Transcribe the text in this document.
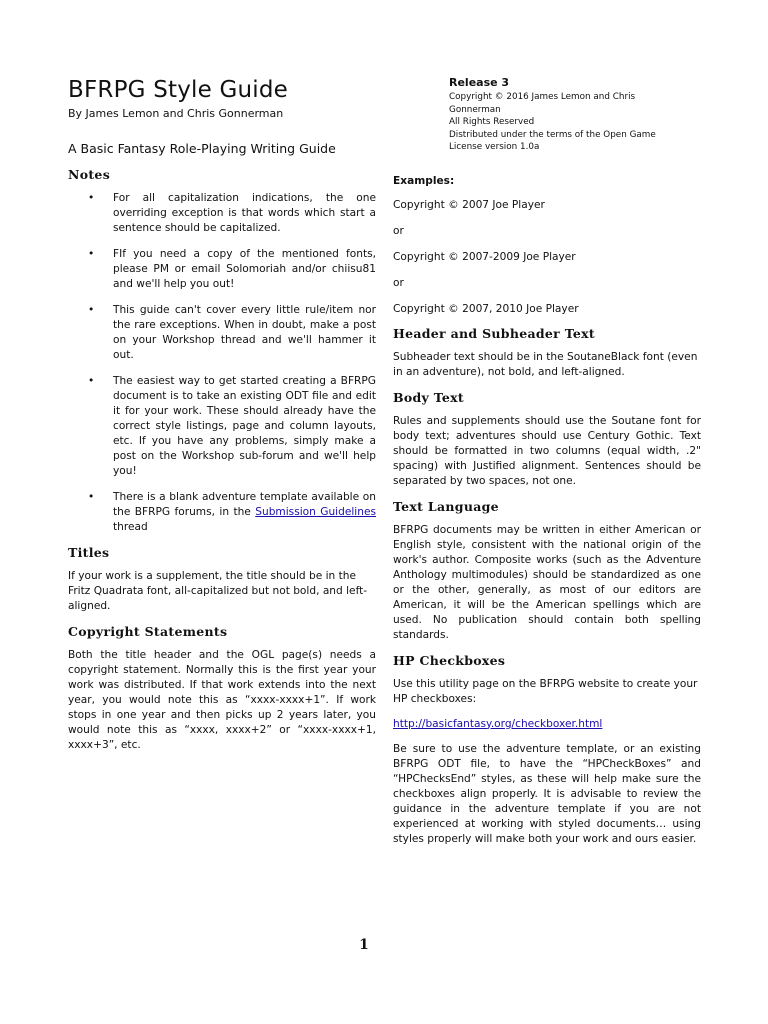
BFRPG Style Guide

By James Lemon and Chris Gonnerman

A Basic Fantasy Role-Playing Writing Guide

Notes
• For all capitalization indications, the one overriding exception is that words which start a sentence should be capitalized.
• FIf you need a copy of the mentioned fonts, please PM or email Solomoriah and/or chiisu81 and we'll help you out!
• This guide can't cover every little rule/item nor the rare exceptions. When in doubt, make a post on your Workshop thread and we'll hammer it out.
• The easiest way to get started creating a BFRPG document is to take an existing ODT file and edit it for your work. These should already have the correct style listings, page and column layouts, etc. If you have any problems, simply make a post on the Workshop sub-forum and we'll help you!
• There is a blank adventure template available on the BFRPG forums, in the Submission Guidelines thread
Titles

If your work is a supplement, the title should be in the Fritz Quadrata font, all-capitalized but not bold, and left-aligned.

Copyright Statements

Both the title header and the OGL page(s) needs a copyright statement. Normally this is the first year your work was distributed. If that work extends into the next year, you would note this as “xxxx-xxxx+1”. If work stops in one year and then picks up 2 years later, you would note this as “xxxx, xxxx+2” or “xxxx-xxxx+1, xxxx+3”, etc.

Release 3

Copyright © 2016 James Lemon and Chris

Gonnerman

All Rights Reserved

Distributed under the terms of the Open Game

License version 1.0a

Examples:

Copyright © 2007 Joe Player

or

Copyright © 2007-2009 Joe Player

or

Copyright © 2007, 2010 Joe Player

Header and Subheader Text

Subheader text should be in the SoutaneBlack font (even in an adventure), not bold, and left-aligned.

Body Text

Rules and supplements should use the Soutane font for body text; adventures should use Century Gothic. Text should be formatted in two columns (equal width, .2" spacing) with Justified alignment. Sentences should be separated by two spaces, not one.

Text Language

BFRPG documents may be written in either American or English style, consistent with the national origin of the work's author. Composite works (such as the Adventure Anthology multimodules) should be standardized as one or the other, generally, as most of our editors are American, it will be the American spellings which are used. No publication should contain both spelling standards.

HP Checkboxes

Use this utility page on the BFRPG website to create your HP checkboxes:

http://basicfantasy.org/checkboxer.html

Be sure to use the adventure template, or an existing BFRPG ODT file, to have the “HPCheckBoxes” and “HPChecksEnd” styles, as these will help make sure the checkboxes align properly. It is advisable to review the guidance in the adventure template if you are not experienced at working with styled documents… using styles properly will make both your work and ours easier.

1
